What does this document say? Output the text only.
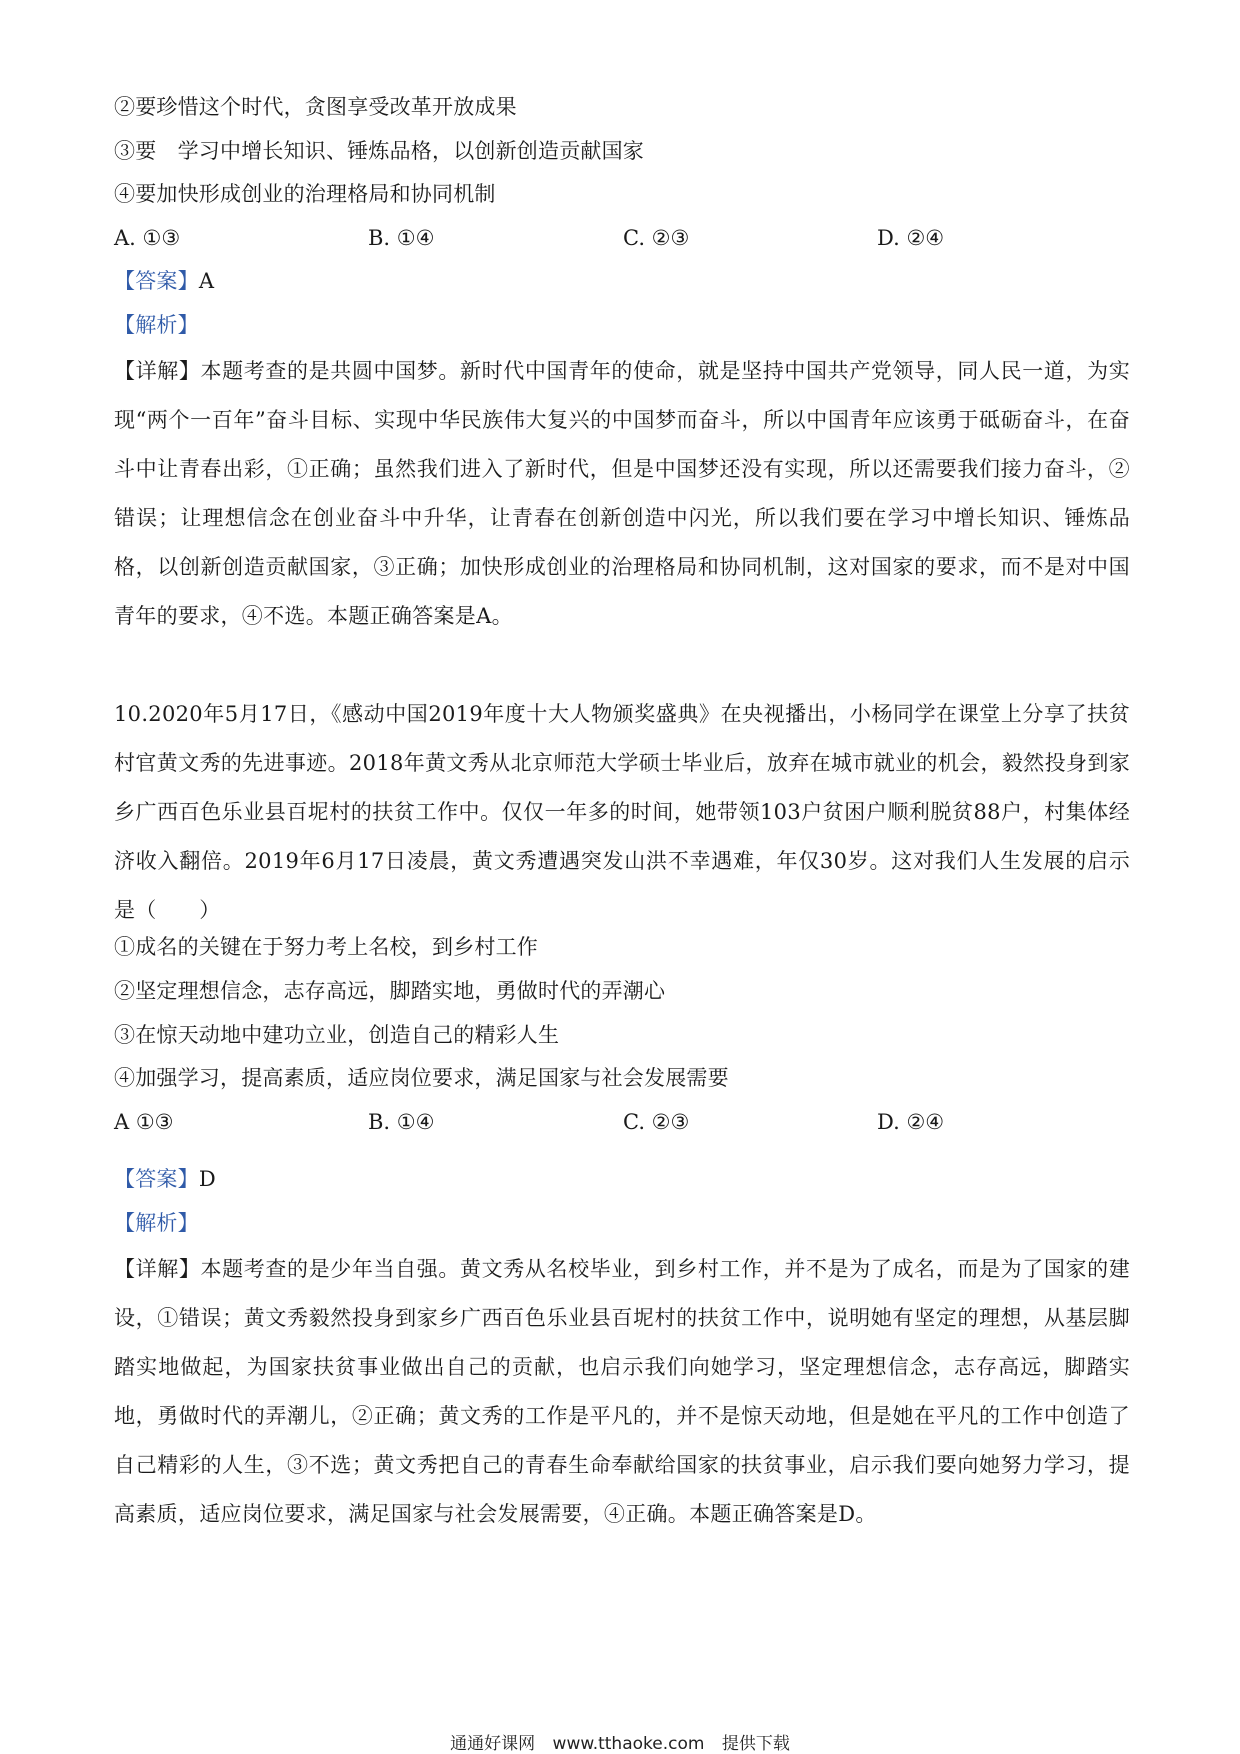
②要珍惜这个时代，贪图享受改革开放成果
③要　学习中增长知识、锤炼品格，以创新创造贡献国家
④要加快形成创业的治理格局和协同机制
A. ①③	B. ①④	C. ②③	D. ②④
【答案】A
【解析】
【详解】本题考查的是共圆中国梦。新时代中国青年的使命，就是坚持中国共产党领导，同人民一道，为实现“两个一百年”奋斗目标、实现中华民族伟大复兴的中国梦而奋斗，所以中国青年应该勇于砥砺奋斗，在奋斗中让青春出彩，①正确；虽然我们进入了新时代，但是中国梦还没有实现，所以还需要我们接力奋斗，②错误；让理想信念在创业奋斗中升华，让青春在创新创造中闪光，所以我们要在学习中增长知识、锤炼品格，以创新创造贡献国家，③正确；加快形成创业的治理格局和协同机制，这对国家的要求，而不是对中国青年的要求，④不选。本题正确答案是A。
10.2020年5月17日，《感动中国2019年度十大人物颁奖盛典》在央视播出，小杨同学在课堂上分享了扶贫村官黄文秀的先进事迹。2018年黄文秀从北京师范大学硕士毕业后，放弃在城市就业的机会，毅然投身到家乡广西百色乐业县百坭村的扶贫工作中。仅仅一年多的时间，她带领103户贫困户顺利脱贫88户，村集体经济收入翻倍。2019年6月17日凌晨，黄文秀遭遇突发山洪不幸遇难，年仅30岁。这对我们人生发展的启示是（　　）
①成名的关键在于努力考上名校，到乡村工作
②坚定理想信念，志存高远，脚踏实地，勇做时代的弄潮心
③在惊天动地中建功立业，创造自己的精彩人生
④加强学习，提高素质，适应岗位要求，满足国家与社会发展需要
A ①③	B. ①④	C. ②③	D. ②④
【答案】D
【解析】
【详解】本题考查的是少年当自强。黄文秀从名校毕业，到乡村工作，并不是为了成名，而是为了国家的建设，①错误；黄文秀毅然投身到家乡广西百色乐业县百坭村的扶贫工作中，说明她有坚定的理想，从基层脚踏实地做起，为国家扶贫事业做出自己的贡献，也启示我们向她学习，坚定理想信念，志存高远，脚踏实地，勇做时代的弄潮儿，②正确；黄文秀的工作是平凡的，并不是惊天动地，但是她在平凡的工作中创造了自己精彩的人生，③不选；黄文秀把自己的青春生命奉献给国家的扶贫事业，启示我们要向她努力学习，提高素质，适应岗位要求，满足国家与社会发展需要，④正确。本题正确答案是D。
通通好课网 www.tthaoke.com 提供下载
